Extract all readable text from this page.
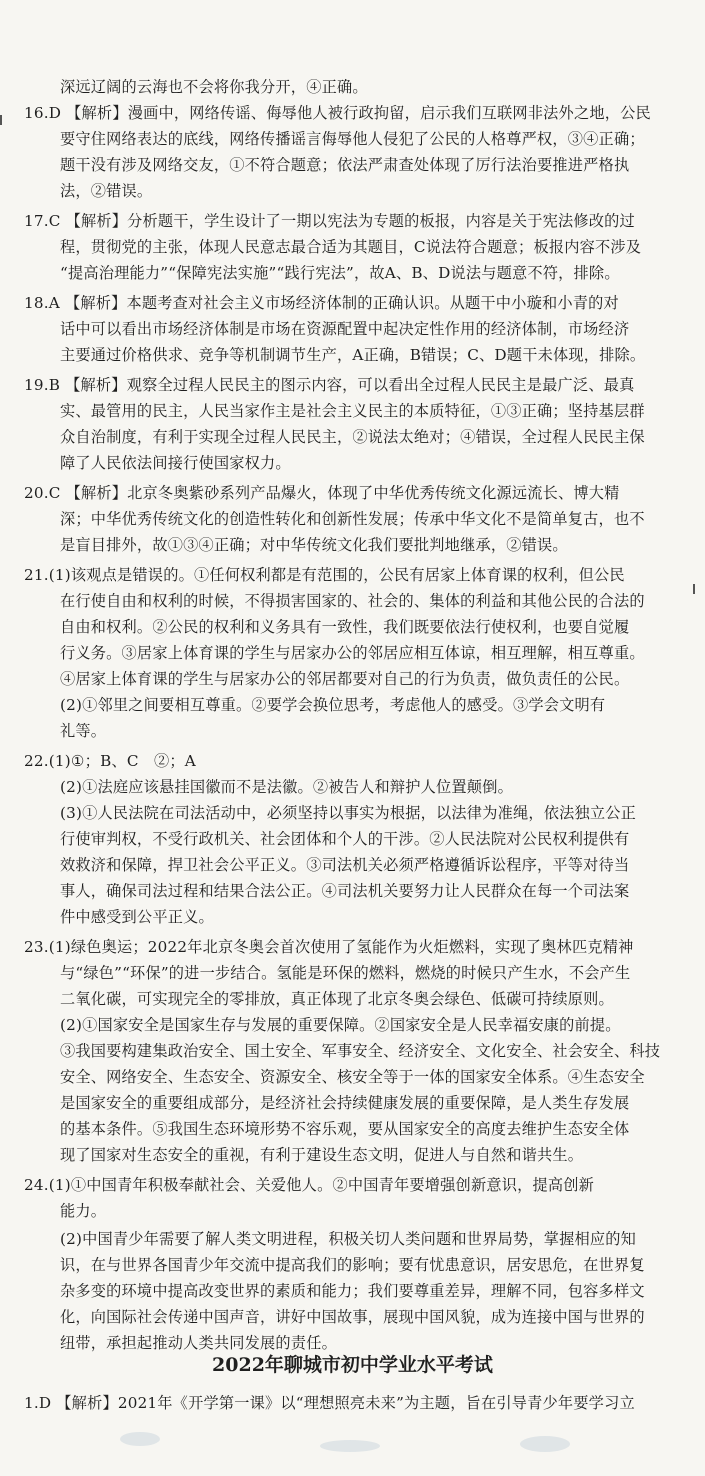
深远辽阔的云海也不会将你我分开，④正确。
16.D 【解析】漫画中，网络传谣、侮辱他人被行政拘留，启示我们互联网非法外之地，公民
要守住网络表达的底线，网络传播谣言侮辱他人侵犯了公民的人格尊严权，③④正确；
题干没有涉及网络交友，①不符合题意；依法严肃查处体现了厉行法治要推进严格执
法，②错误。
17.C 【解析】分析题干，学生设计了一期以宪法为专题的板报，内容是关于宪法修改的过
程，贯彻党的主张，体现人民意志最合适为其题目，C说法符合题意；板报内容不涉及
“提高治理能力”“保障宪法实施”“践行宪法”，故A、B、D说法与题意不符，排除。
18.A 【解析】本题考查对社会主义市场经济体制的正确认识。从题干中小璇和小青的对
话中可以看出市场经济体制是市场在资源配置中起决定性作用的经济体制，市场经济
主要通过价格供求、竞争等机制调节生产，A正确，B错误；C、D题干未体现，排除。
19.B 【解析】观察全过程人民民主的图示内容，可以看出全过程人民民主是最广泛、最真
实、最管用的民主，人民当家作主是社会主义民主的本质特征，①③正确；坚持基层群
众自治制度，有利于实现全过程人民民主，②说法太绝对；④错误，全过程人民民主保
障了人民依法间接行使国家权力。
20.C 【解析】北京冬奥紫砂系列产品爆火，体现了中华优秀传统文化源远流长、博大精
深；中华优秀传统文化的创造性转化和创新性发展；传承中华文化不是简单复古，也不
是盲目排外，故①③④正确；对中华传统文化我们要批判地继承，②错误。
21.(1)该观点是错误的。①任何权利都是有范围的，公民有居家上体育课的权利，但公民
在行使自由和权利的时候，不得损害国家的、社会的、集体的利益和其他公民的合法的
自由和权利。②公民的权利和义务具有一致性，我们既要依法行使权利，也要自觉履
行义务。③居家上体育课的学生与居家办公的邻居应相互体谅，相互理解，相互尊重。
④居家上体育课的学生与居家办公的邻居都要对自己的行为负责，做负责任的公民。
(2)①邻里之间要相互尊重。②要学会换位思考，考虑他人的感受。③学会文明有
礼等。
22.(1)①；B、C　②；A
(2)①法庭应该悬挂国徽而不是法徽。②被告人和辩护人位置颠倒。
(3)①人民法院在司法活动中，必须坚持以事实为根据，以法律为准绳，依法独立公正
行使审判权，不受行政机关、社会团体和个人的干涉。②人民法院对公民权利提供有
效救济和保障，捍卫社会公平正义。③司法机关必须严格遵循诉讼程序，平等对待当
事人，确保司法过程和结果合法公正。④司法机关要努力让人民群众在每一个司法案
件中感受到公平正义。
23.(1)绿色奥运；2022年北京冬奥会首次使用了氢能作为火炬燃料，实现了奥林匹克精神
与“绿色”“环保”的进一步结合。氢能是环保的燃料，燃烧的时候只产生水，不会产生
二氧化碳，可实现完全的零排放，真正体现了北京冬奥会绿色、低碳可持续原则。
(2)①国家安全是国家生存与发展的重要保障。②国家安全是人民幸福安康的前提。
③我国要构建集政治安全、国土安全、军事安全、经济安全、文化安全、社会安全、科技
安全、网络安全、生态安全、资源安全、核安全等于一体的国家安全体系。④生态安全
是国家安全的重要组成部分，是经济社会持续健康发展的重要保障，是人类生存发展
的基本条件。⑤我国生态环境形势不容乐观，要从国家安全的高度去维护生态安全体
现了国家对生态安全的重视，有利于建设生态文明，促进人与自然和谐共生。
24.(1)①中国青年积极奉献社会、关爱他人。②中国青年要增强创新意识，提高创新
能力。
(2)中国青少年需要了解人类文明进程，积极关切人类问题和世界局势，掌握相应的知
识，在与世界各国青少年交流中提高我们的影响；要有忧患意识，居安思危，在世界复
杂多变的环境中提高改变世界的素质和能力；我们要尊重差异，理解不同，包容多样文
化，向国际社会传递中国声音，讲好中国故事，展现中国风貌，成为连接中国与世界的
纽带，承担起推动人类共同发展的责任。
2022年聊城市初中学业水平考试
1.D 【解析】2021年《开学第一课》以“理想照亮未来”为主题，旨在引导青少年要学习立
